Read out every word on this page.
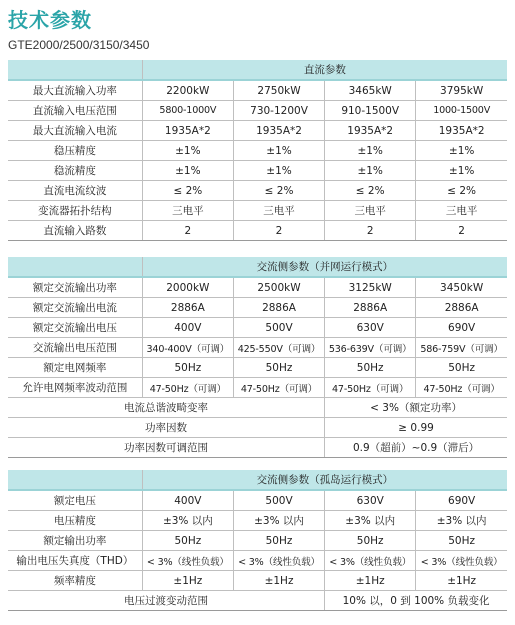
技术参数
GTE2000/2500/3150/3450
	直流参数			
最大直流输入功率	2200kW	2750kW	3465kW	3795kW
直流输入电压范围	5800-1000V	730-1200V	910-1500V	1000-1500V
最大直流输入电流	1935A*2	1935A*2	1935A*2	1935A*2
稳压精度	±1%	±1%	±1%	±1%
稳流精度	±1%	±1%	±1%	±1%
直流电流纹波	≤ 2%	≤ 2%	≤ 2%	≤ 2%
变流器拓扑结构	三电平	三电平	三电平	三电平
直流输入路数	2	2	2	2
	交流侧参数（并网运行模式）			
额定交流输出功率	2000kW	2500kW	3125kW	3450kW
额定交流输出电流	2886A	2886A	2886A	2886A
额定交流输出电压	400V	500V	630V	690V
交流输出电压范围	340-400V（可调）	425-550V（可调）	536-639V（可调）	586-759V（可调）
额定电网频率	50Hz	50Hz	50Hz	50Hz
允许电网频率波动范围	47-50Hz（可调）	47-50Hz（可调）	47-50Hz（可调）	47-50Hz（可调）
电流总谐波畸变率			< 3%（额定功率）	
功率因数			≥ 0.99	
功率因数可调范围			0.9（超前）~0.9（滞后）	
	交流侧参数（孤岛运行模式）			
额定电压	400V	500V	630V	690V
电压精度	±3% 以内	±3% 以内	±3% 以内	±3% 以内
额定输出功率	50Hz	50Hz	50Hz	50Hz
输出电压失真度（THD）	< 3%（线性负载）	< 3%（线性负载）	< 3%（线性负载）	< 3%（线性负载）
频率精度	±1Hz	±1Hz	±1Hz	±1Hz
电压过渡变动范围			10% 以，0 到 100% 负载变化	
